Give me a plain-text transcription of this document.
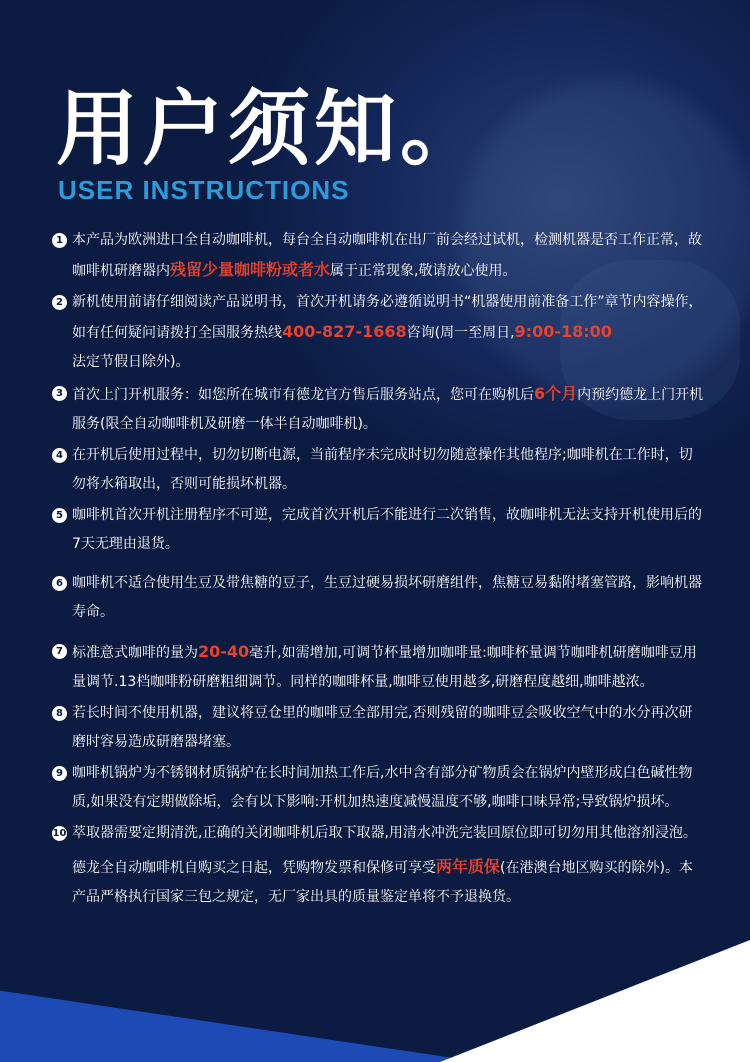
用户须知。
USER INSTRUCTIONS
1 本产品为欧洲进口全自动咖啡机，每台全自动咖啡机在出厂前会经过试机，检测机器是否工作正常，故咖啡机研磨器内残留少量咖啡粉或者水属于正常现象,敬请放心使用。
2 新机使用前请仔细阅读产品说明书，首次开机请务必遵循说明书“机器使用前准备工作”章节内容操作，如有任何疑问请拨打全国服务热线400-827-1668咨询(周一至周日,9:00-18:00
法定节假日除外)。
3 首次上门开机服务：如您所在城市有德龙官方售后服务站点，您可在购机后6个月内预约德龙上门开机服务(限全自动咖啡机及研磨一体半自动咖啡机)。
4 在开机后使用过程中，切勿切断电源，当前程序未完成时切勿随意操作其他程序;咖啡机在工作时，切勿将水箱取出，否则可能损坏机器。
5 咖啡机首次开机注册程序不可逆，完成首次开机后不能进行二次销售，故咖啡机无法支持开机使用后的7天无理由退货。
6 咖啡机不适合使用生豆及带焦糖的豆子，生豆过硬易损坏研磨组件，焦糖豆易黏附堵塞管路，影响机器寿命。
7 标准意式咖啡的量为20-40毫升,如需增加,可调节杯量增加咖啡量:咖啡杯量调节咖啡机研磨咖啡豆用量调节.13档咖啡粉研磨粗细调节。同样的咖啡杯量,咖啡豆使用越多,研磨程度越细,咖啡越浓。
8 若长时间不使用机器，建议将豆仓里的咖啡豆全部用完,否则残留的咖啡豆会吸收空气中的水分再次研磨时容易造成研磨器堵塞。
9 咖啡机锅炉为不锈钢材质锅炉在长时间加热工作后,水中含有部分矿物质会在锅炉内壁形成白色碱性物质,如果没有定期做除垢，会有以下影响:开机加热速度减慢温度不够,咖啡口味异常;导致锅炉损坏。
10 萃取器需要定期清洗,正确的关闭咖啡机后取下取器,用清水冲洗完装回原位即可切勿用其他溶剂浸泡。
德龙全自动咖啡机自购买之日起，凭购物发票和保修可享受两年质保(在港澳台地区购买的除外)。本产品严格执行国家三包之规定，无厂家出具的质量鉴定单将不予退换货。
